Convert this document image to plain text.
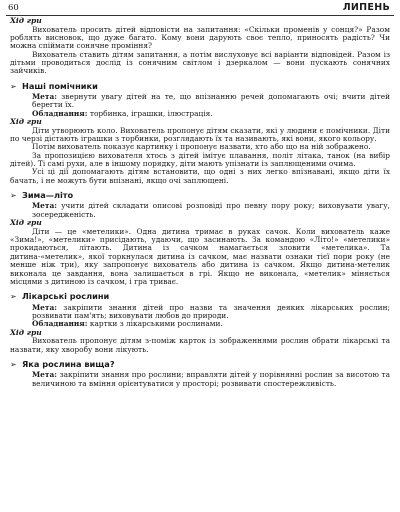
60	ЛИПЕНЬ

Хід гри

Вихователь просить дітей відповісти на запитання: «Скільки променів у сонця?» Разом роблять висновок, що дуже багато. Кому вони дарують своє тепло, приносять радість? Чи можна спіймати сонячне проміння?

Вихователь ставить дітям запитання, а потім вислуховує всі варіанти відповідей. Разом із дітьми проводиться дослід із сонячним світлом і дзеркалом — вони пускають сонячних зайчиків.

➢ Наші помічники

Мета: звернути увагу дітей на те, що впізнанню речей допомагають очі; вчити дітей берегти їх.

Обладнання: торбинка, іграшки, ілюстрація.

Хід гри

Діти утворюють коло. Вихователь пропонує дітям сказати, які у людини є помічники. Діти по черзі дістають іграшки з торбинки, розглядають їх та називають, які вони, якого кольору.

Потім вихователь показує картинку і пропонує назвати, хто або що на ній зображено.

За пропозицією вихователя хтось з дітей імітує плавання, політ літака, танок (на вибір дітей). Ті самі рухи, але в іншому порядку, діти мають упізнати із заплющеними очима.

Усі ці дії допомагають дітям встановити, що одні з них легко впізнавані, якщо діти їх бачать, і не можуть бути впізнані, якщо очі заплющені.

➢ Зима—літо

Мета: учити дітей складати описові розповіді про певну пору року; виховувати увагу, зосередженість.

Хід гри

Діти — це «метелики». Одна дитина тримає в руках сачок. Коли вихователь каже «Зима!», «метелики» присідають, удаючи, що засинають. За командою «Літо!» «метелики» прокидаються, літають. Дитина із сачком намагається зловити «метелика». Та дитина-«метелик», якої торкнулася дитина із сачком, має назвати ознаки тієї пори року (не менше ніж три), яку запропонує вихователь або дитина із сачком. Якщо дитина-метелик виконала це завдання, вона залишається в грі. Якщо не виконала, «метелик» міняється місцями з дитиною із сачком, і гра триває.

➢ Лікарські рослини

Мета: закріпити знання дітей про назви та значення деяких лікарських рослин; розвивати пам'ять; виховувати любов до природи.

Обладнання: картки з лікарськими рослинами.

Хід гри

Вихователь пропонує дітям з-поміж карток із зображеннями рослин обрати лікарські та назвати, яку хворобу вони лікують.

➢ Яка рослина вища?

Мета: закріпити знання про рослини; вправляти дітей у порівнянні рослин за висотою та величиною та вміння орієнтуватися у просторі; розвивати спостережливість.
